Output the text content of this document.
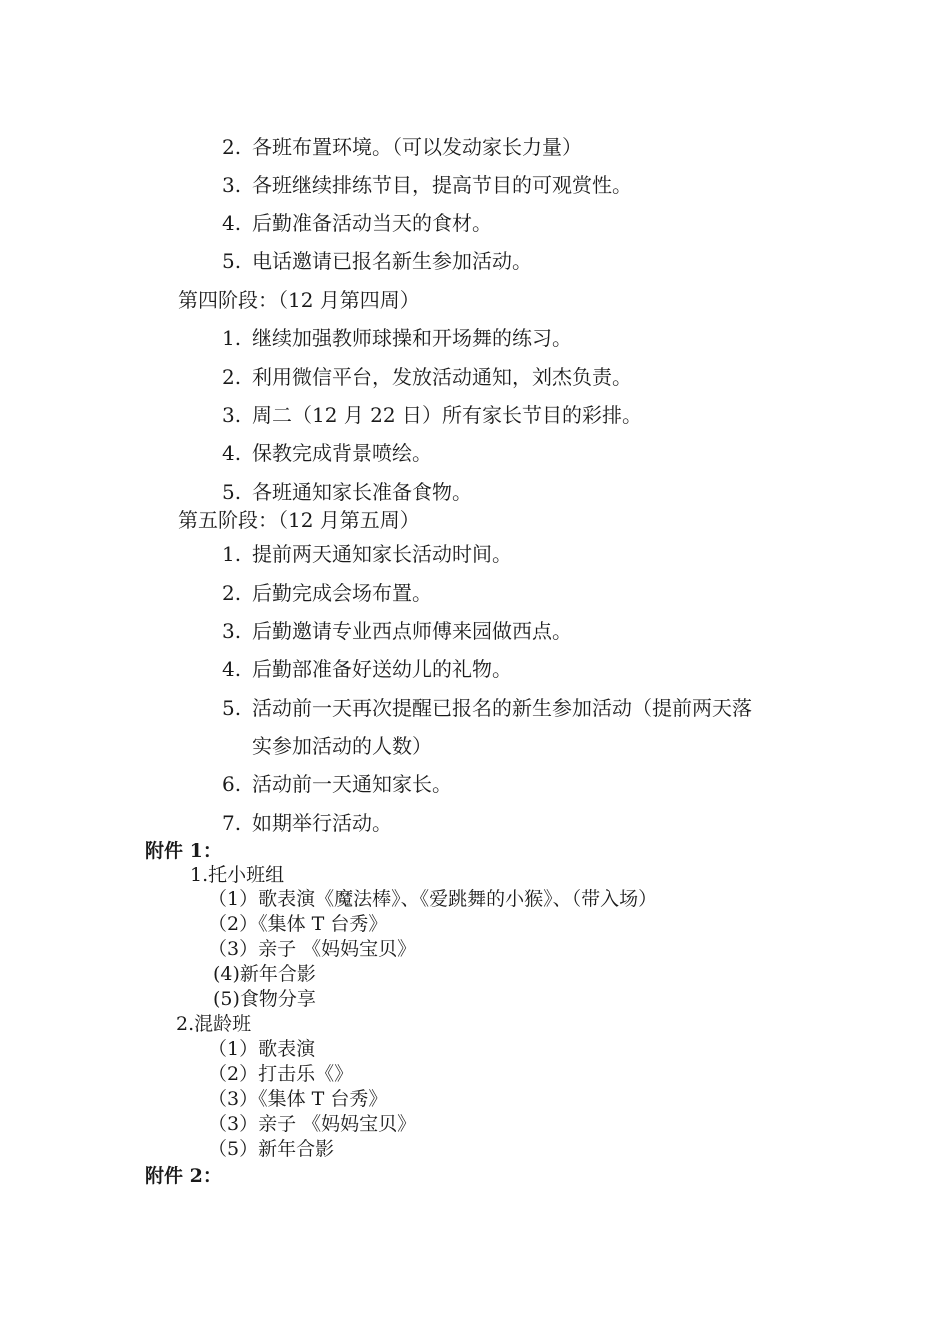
2. 各班布置环境。（可以发动家长力量）
3. 各班继续排练节目，提高节目的可观赏性。
4. 后勤准备活动当天的食材。
5. 电话邀请已报名新生参加活动。
第四阶段：（12 月第四周）
1. 继续加强教师球操和开场舞的练习。
2. 利用微信平台，发放活动通知，刘杰负责。
3. 周二（12 月 22 日）所有家长节目的彩排。
4. 保教完成背景喷绘。
5. 各班通知家长准备食物。
第五阶段：（12 月第五周）
1. 提前两天通知家长活动时间。
2. 后勤完成会场布置。
3. 后勤邀请专业西点师傅来园做西点。
4. 后勤部准备好送幼儿的礼物。
5. 活动前一天再次提醒已报名的新生参加活动（提前两天落
实参加活动的人数）
6. 活动前一天通知家长。
7. 如期举行活动。
附件 1：
1.托小班组
（1）歌表演《魔法棒》、《爱跳舞的小猴》、（带入场）
（2）《集体 T 台秀》
（3）亲子 《妈妈宝贝》
(4)新年合影
(5)食物分享
2.混龄班
（1）歌表演
（2）打击乐《》
（3）《集体 T 台秀》
（3）亲子 《妈妈宝贝》
（5）新年合影
附件 2：
